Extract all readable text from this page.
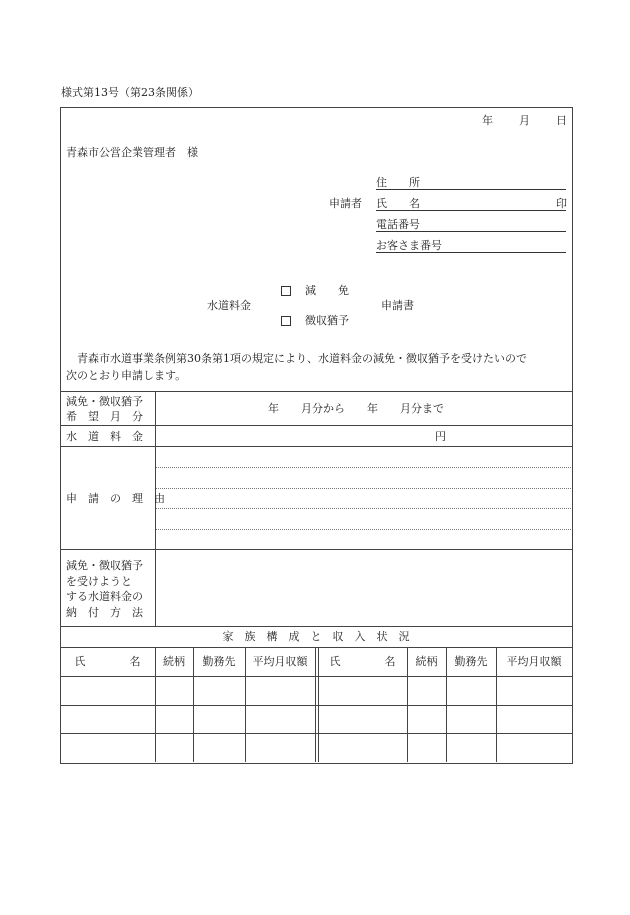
様式第13号（第23条関係）
年 月 日
青森市公営企業管理者　様
申請者
住　　所
氏　　名	印
電話番号
お客さま番号
減　　免
水道料金	申請書
徴収猶予
青森市水道事業条例第30条第1項の規定により、水道料金の減免・徴収猶予を受けたいので
次のとおり申請します。
減免・徴収猶予
希　望　月　分
年　　月分から　　年　　月分まで
水　道　料　金	円
申　請　の　理　由
減免・徴収猶予
を受けようと
する水道料金の
納　付　方　法
家　族　構　成　と　収　入　状　況
氏　　　　名	続柄	勤務先	平均月収額	氏　　　　名	続柄	勤務先	平均月収額
